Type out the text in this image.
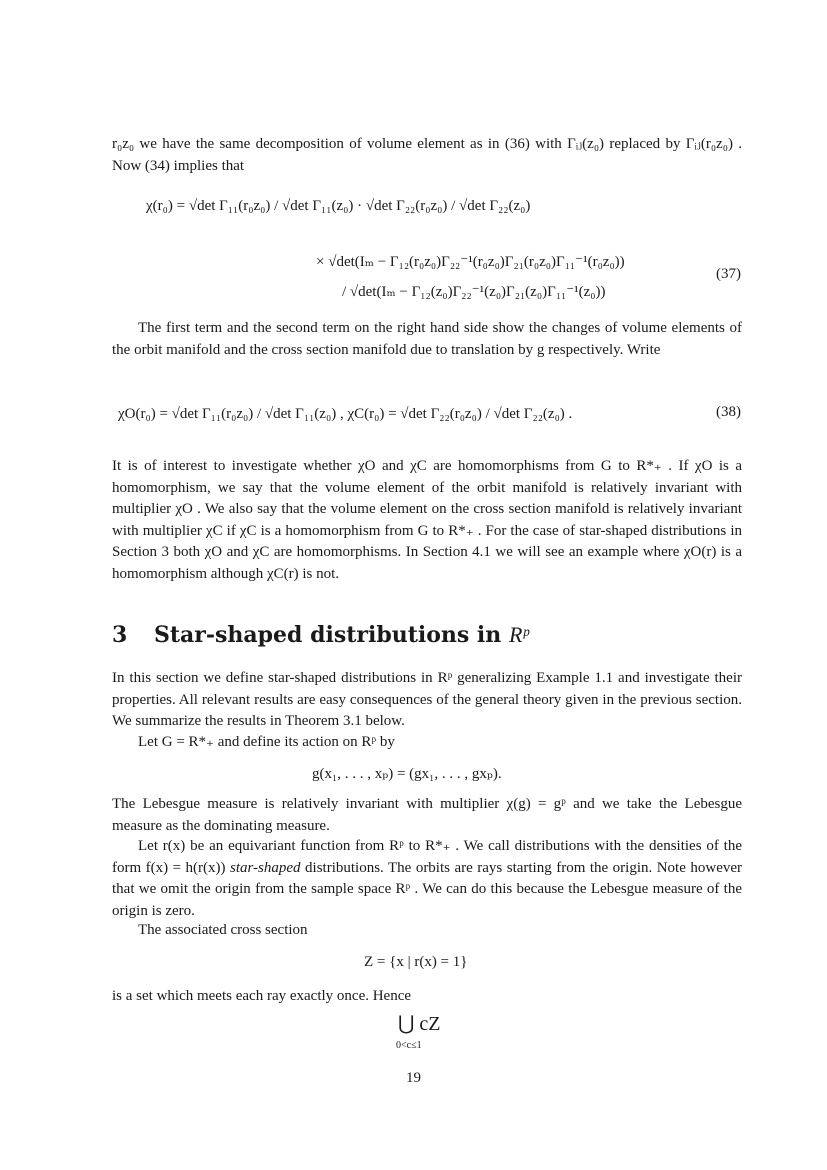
r₀z₀ we have the same decomposition of volume element as in (36) with Γᵢⱼ(z₀) replaced by Γᵢⱼ(r₀z₀) . Now (34) implies that

χ(r₀) = √det Γ₁₁(r₀z₀) / √det Γ₁₁(z₀) · √det Γ₂₂(r₀z₀) / √det Γ₂₂(z₀)
× √det(Iₘ − Γ₁₂(r₀z₀)Γ₂₂⁻¹(r₀z₀)Γ₂₁(r₀z₀)Γ₁₁⁻¹(r₀z₀))
/ √det(Iₘ − Γ₁₂(z₀)Γ₂₂⁻¹(z₀)Γ₂₁(z₀)Γ₁₁⁻¹(z₀))
(37)

The first term and the second term on the right hand side show the changes of volume elements of the orbit manifold and the cross section manifold due to translation by g respectively. Write

χO(r₀) = √det Γ₁₁(r₀z₀) / √det Γ₁₁(z₀) , χC(r₀) = √det Γ₂₂(r₀z₀) / √det Γ₂₂(z₀) .	(38)

It is of interest to investigate whether χO and χC are homomorphisms from G to R*₊ . If χO is a homomorphism, we say that the volume element of the orbit manifold is relatively invariant with multiplier χO . We also say that the volume element on the cross section manifold is relatively invariant with multiplier χC if χC is a homomorphism from G to R*₊ . For the case of star-shaped distributions in Section 3 both χO and χC are homomorphisms. In Section 4.1 we will see an example where χO(r) is a homomorphism although χC(r) is not.

3 Star-shaped distributions in Rᵖ

In this section we define star-shaped distributions in Rᵖ generalizing Example 1.1 and investigate their properties. All relevant results are easy consequences of the general theory given in the previous section. We summarize the results in Theorem 3.1 below.

Let G = R*₊ and define its action on Rᵖ by

g(x₁, . . . , xₚ) = (gx₁, . . . , gxₚ).

The Lebesgue measure is relatively invariant with multiplier χ(g) = gᵖ and we take the Lebesgue measure as the dominating measure.

Let r(x) be an equivariant function from Rᵖ to R*₊ . We call distributions with the densities of the form f(x) = h(r(x)) star-shaped distributions. The orbits are rays starting from the origin. Note however that we omit the origin from the sample space Rᵖ . We can do this because the Lebesgue measure of the origin is zero.

The associated cross section

Z = {x | r(x) = 1}

is a set which meets each ray exactly once. Hence

⋃ cZ
0<c≤1
19
